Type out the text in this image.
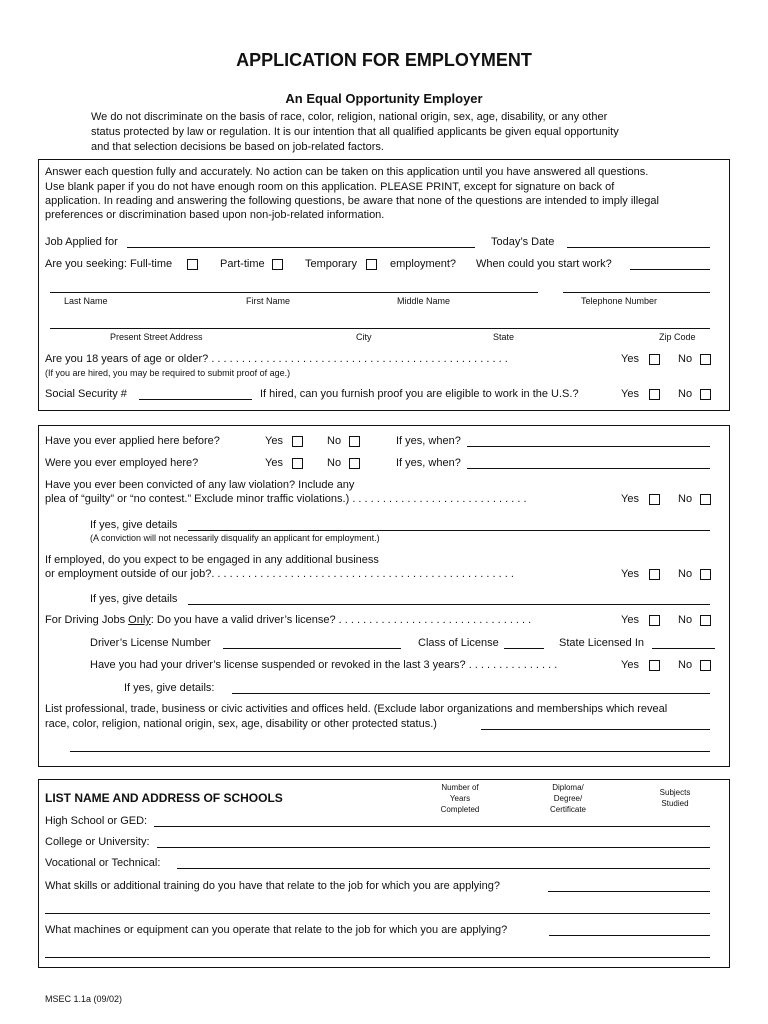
APPLICATION FOR EMPLOYMENT
An Equal Opportunity Employer
We do not discriminate on the basis of race, color, religion, national origin, sex, age, disability, or any other
status protected by law or regulation. It is our intention that all qualified applicants be given equal opportunity
and that selection decisions be based on job-related factors.
Answer each question fully and accurately. No action can be taken on this application until you have answered all questions.
Use blank paper if you do not have enough room on this application. PLEASE PRINT, except for signature on back of
application. In reading and answering the following questions, be aware that none of the questions are intended to imply illegal
preferences or discrimination based upon non-job-related information.
Job Applied for	Today’s Date
Are you seeking: Full-time	Part-time	Temporary	employment? When could you start work?
Last Name	First Name	Middle Name	Telephone Number
Present Street Address	City	State	Zip Code
Are you 18 years of age or older? . . . . . . . . . . . . . . . . . . . . . . . . . . . . . . . . . . . . . . . . . . . . . . . . .	Yes	No
(If you are hired, you may be required to submit proof of age.)
Social Security #	If hired, can you furnish proof you are eligible to work in the U.S.?	Yes	No
Have you ever applied here before?	Yes	No	If yes, when?
Were you ever employed here?	Yes	No	If yes, when?
Have you ever been convicted of any law violation? Include any
plea of “guilty” or “no contest.” Exclude minor traffic violations.) . . . . . . . . . . . . . . . . . . . . . . . . . . . . .	Yes	No
If yes, give details
(A conviction will not necessarily disqualify an applicant for employment.)
If employed, do you expect to be engaged in any additional business
or employment outside of our job?. . . . . . . . . . . . . . . . . . . . . . . . . . . . . . . . . . . . . . . . . . . . . . . . . .	Yes	No
If yes, give details
For Driving Jobs Only: Do you have a valid driver’s license? . . . . . . . . . . . . . . . . . . . . . . . . . . . . . . . .	Yes	No
Driver’s License Number	Class of License	State Licensed In
Have you had your driver’s license suspended or revoked in the last 3 years? . . . . . . . . . . . . . . .	Yes	No
If yes, give details:
List professional, trade, business or civic activities and offices held. (Exclude labor organizations and memberships which reveal
race, color, religion, national origin, sex, age, disability or other protected status.)
LIST NAME AND ADDRESS OF SCHOOLS
Number of
Years
Completed
Diploma/
Degree/
Certificate
Subjects
Studied
High School or GED:
College or University:
Vocational or Technical:
What skills or additional training do you have that relate to the job for which you are applying?
What machines or equipment can you operate that relate to the job for which you are applying?
MSEC 1.1a (09/02)
